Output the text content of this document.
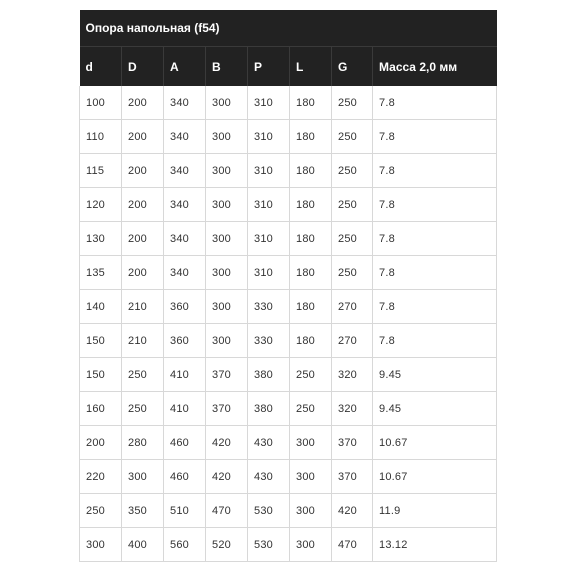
Опора напольная (f54)							
d	D	A	B	P	L	G	Масса 2,0 мм
100	200	340	300	310	180	250	7.8
110	200	340	300	310	180	250	7.8
115	200	340	300	310	180	250	7.8
120	200	340	300	310	180	250	7.8
130	200	340	300	310	180	250	7.8
135	200	340	300	310	180	250	7.8
140	210	360	300	330	180	270	7.8
150	210	360	300	330	180	270	7.8
150	250	410	370	380	250	320	9.45
160	250	410	370	380	250	320	9.45
200	280	460	420	430	300	370	10.67
220	300	460	420	430	300	370	10.67
250	350	510	470	530	300	420	11.9
300	400	560	520	530	300	470	13.12
